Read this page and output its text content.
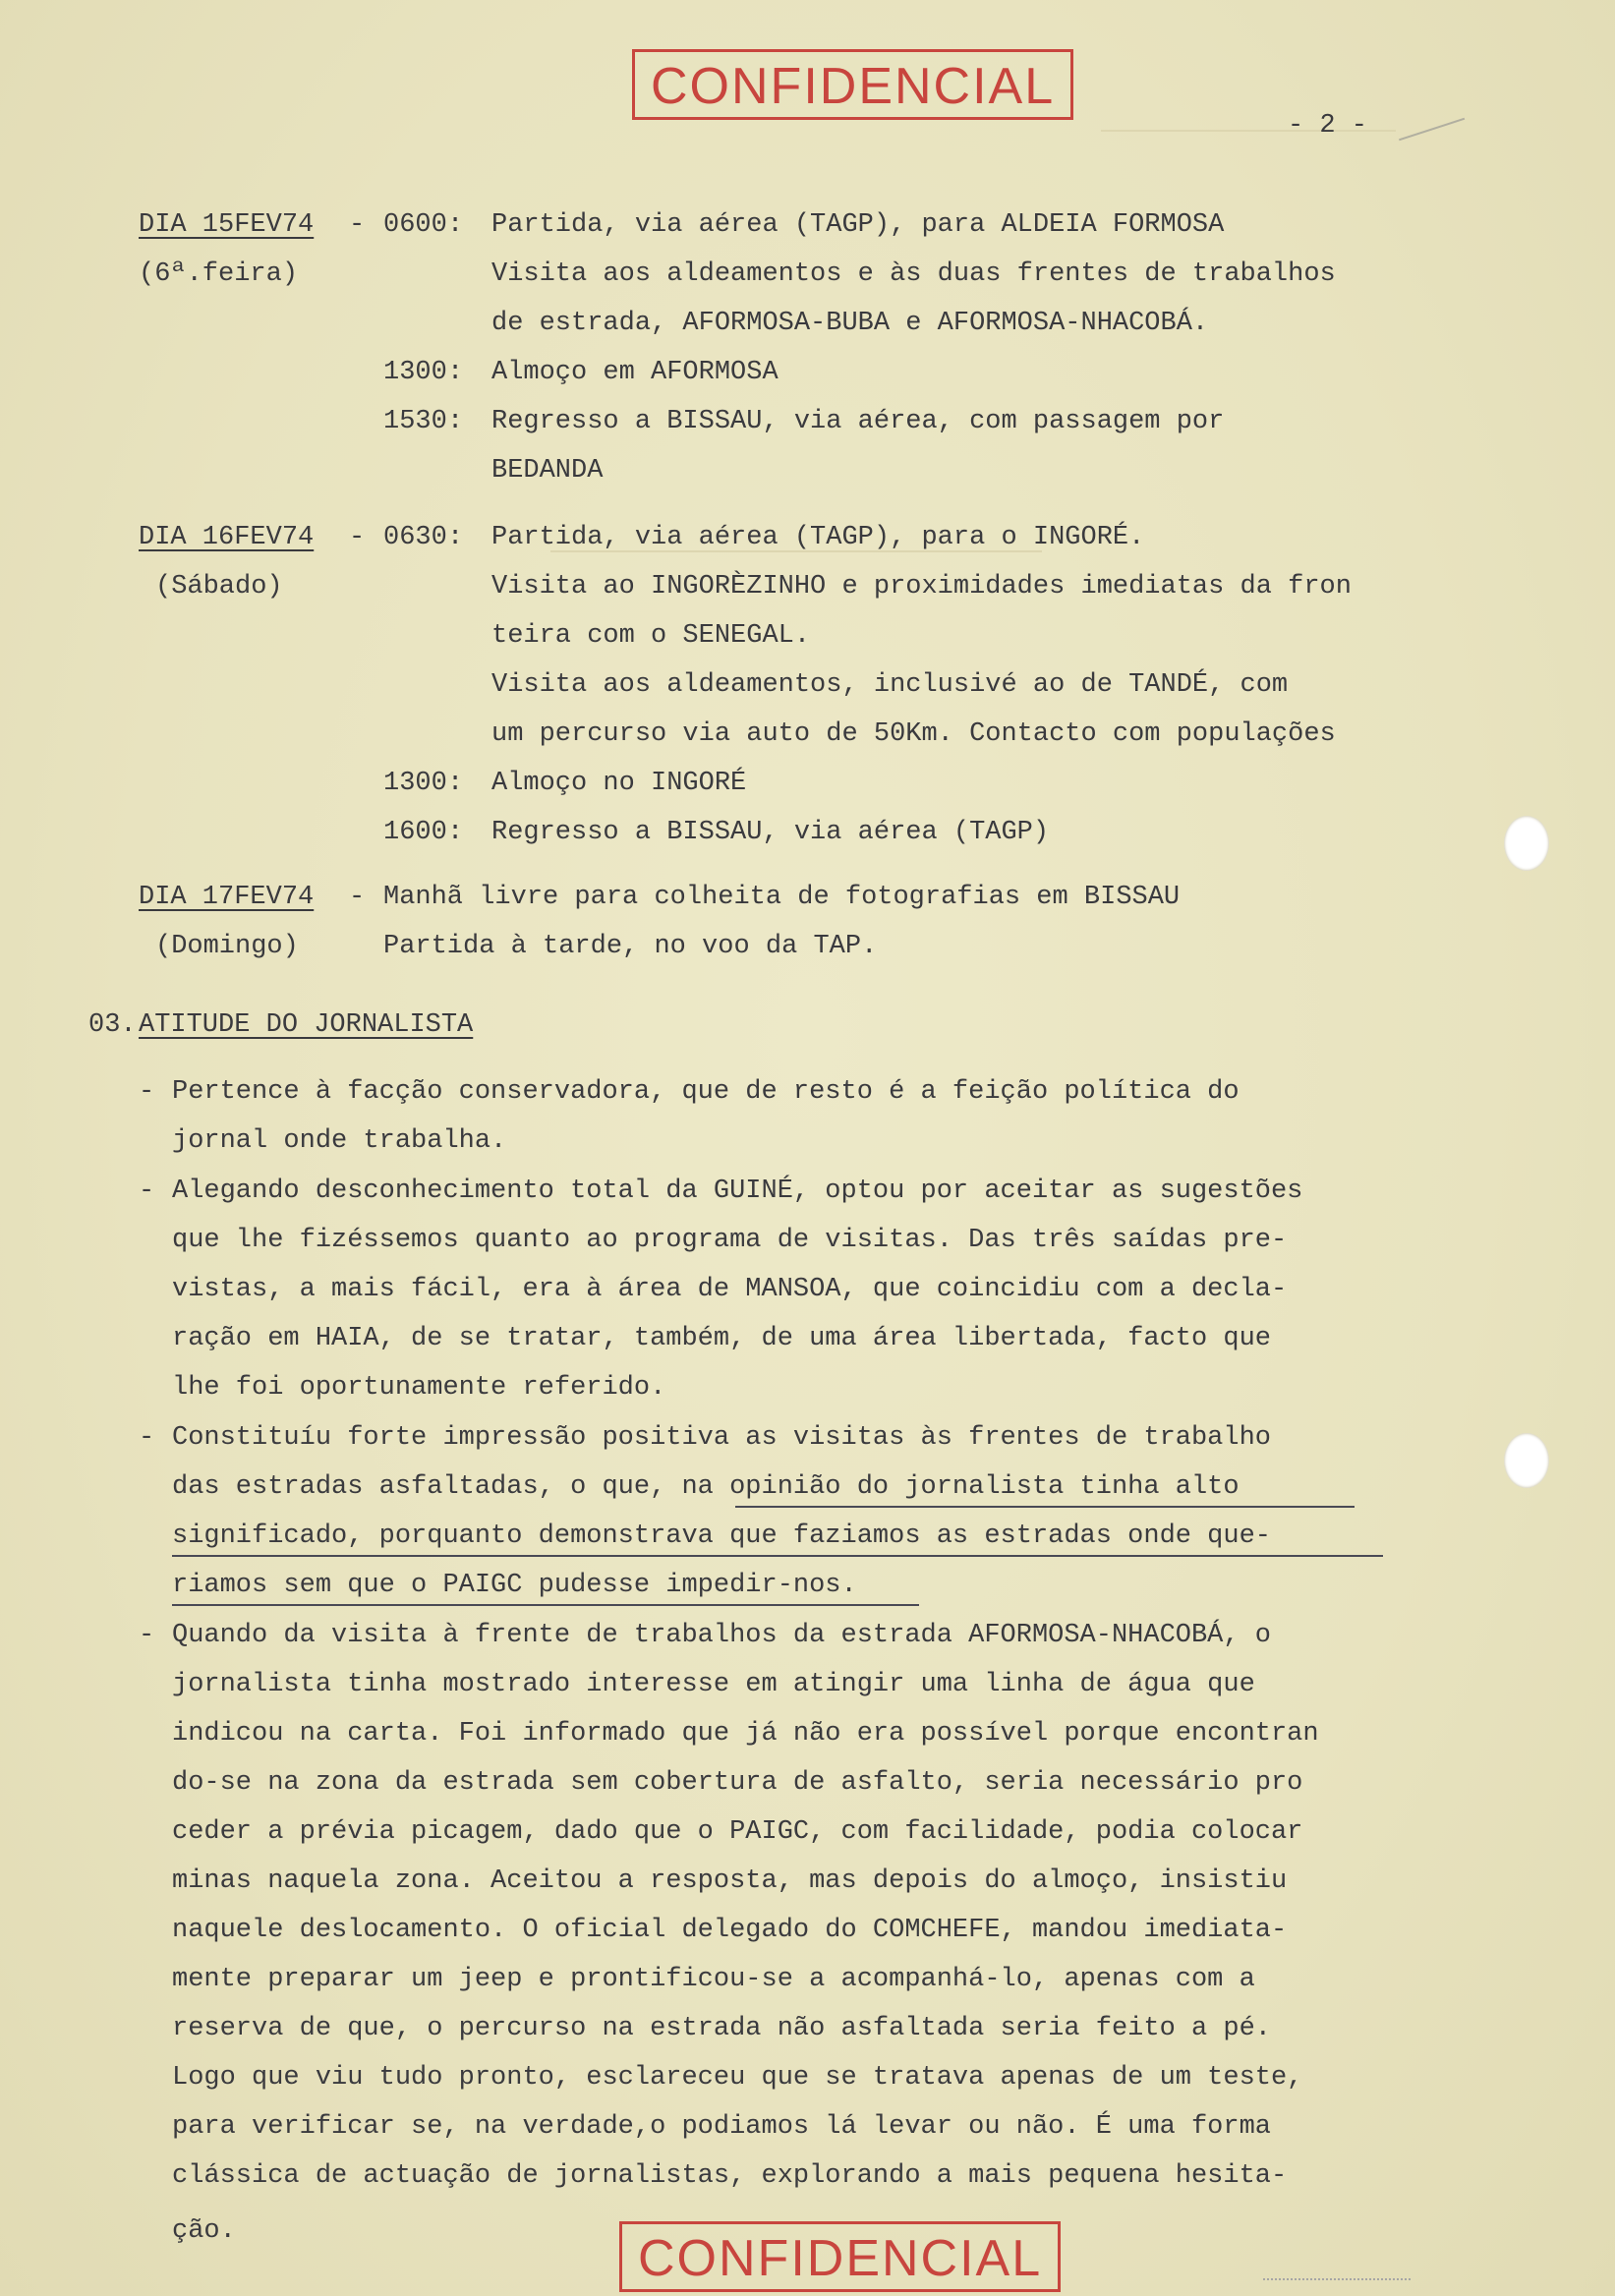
CONFIDENCIAL
- 2 -
DIA 15FEV74 - 0600 :
(6ª.feira)
Partida, via aérea (TAGP), para ALDEIA FORMOSA
Visita aos aldeamentos e às duas frentes de trabalhos
de estrada, AFORMOSA-BUBA e AFORMOSA-NHACOBÁ.
1300 : Almoço em AFORMOSA
1530 : Regresso a BISSAU, via aérea, com passagem por
BEDANDA
DIA 16FEV74 - 0630 :
(Sábado)
Partida, via aérea (TAGP), para o INGORÉ.
Visita ao INGORÈZINHO e proximidades imediatas da fron
teira com o SENEGAL.
Visita aos aldeamentos, inclusivé ao de TANDÉ, com
um percurso via auto de 50Km. Contacto com populações
1300 : Almoço no INGORÉ
1600 : Regresso a BISSAU, via aérea (TAGP)
DIA 17FEV74 -
(Domingo)
Manhã livre para colheita de fotografias em BISSAU
Partida à tarde, no voo da TAP.
03. ATITUDE DO JORNALISTA
- Pertence à facção conservadora, que de resto é a feição política do
jornal onde trabalha.
- Alegando desconhecimento total da GUINÉ, optou por aceitar as sugestões
que lhe fizéssemos quanto ao programa de visitas. Das três saídas pre-
vistas, a mais fácil, era à área de MANSOA, que coincidiu com a decla-
ração em HAIA, de se tratar, também, de uma área libertada, facto que
lhe foi oportunamente referido.
- Constituíu forte impressão positiva as visitas às frentes de trabalho
das estradas asfaltadas, o que, na opinião do jornalista tinha alto
significado, porquanto demonstrava que faziamos as estradas onde que-
riamos sem que o PAIGC pudesse impedir-nos.
- Quando da visita à frente de trabalhos da estrada AFORMOSA-NHACOBÁ, o
jornalista tinha mostrado interesse em atingir uma linha de água que
indicou na carta. Foi informado que já não era possível porque encontran
do-se na zona da estrada sem cobertura de asfalto, seria necessário pro
ceder a prévia picagem, dado que o PAIGC, com facilidade, podia colocar
minas naquela zona. Aceitou a resposta, mas depois do almoço, insistiu
naquele deslocamento. O oficial delegado do COMCHEFE, mandou imediata-
mente preparar um jeep e prontificou-se a acompanhá-lo, apenas com a
reserva de que, o percurso na estrada não asfaltada seria feito a pé.
Logo que viu tudo pronto, esclareceu que se tratava apenas de um teste,
para verificar se, na verdade,o podiamos lá levar ou não. É uma forma
clássica de actuação de jornalistas, explorando a mais pequena hesita-
ção.	CONFIDENCIAL
